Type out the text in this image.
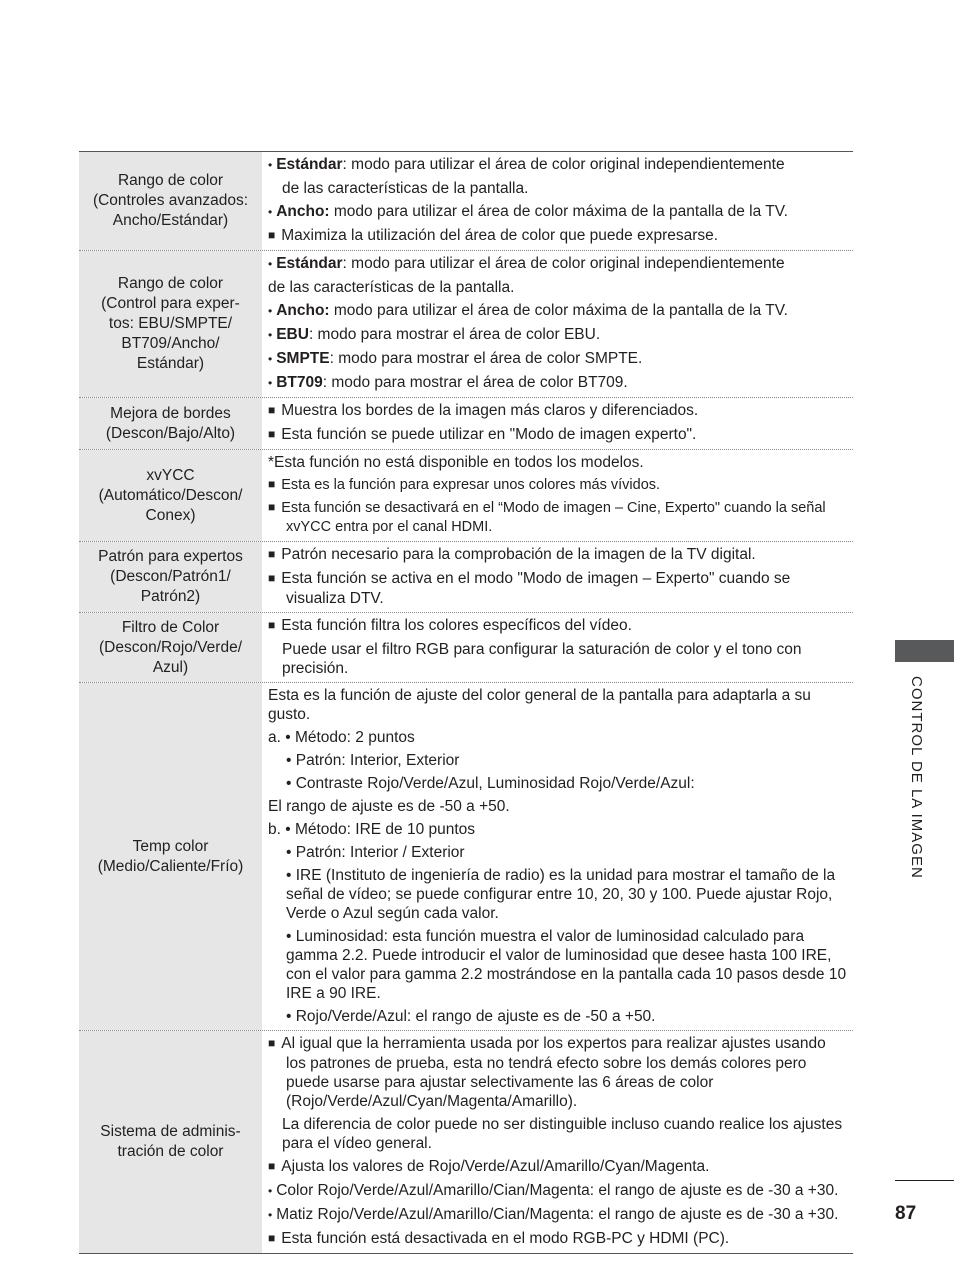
Rango de color
(Controles avanzados:
Ancho/Estándar)
• Estándar: modo para utilizar el área de color original independientemente
de las características de la pantalla.
• Ancho: modo para utilizar el área de color máxima de la pantalla de la TV.
■ Maximiza la utilización del área de color que puede expresarse.
Rango de color
(Control para exper-
tos: EBU/SMPTE/
BT709/Ancho/
Estándar)
• Estándar: modo para utilizar el área de color original independientemente
de las características de la pantalla.
• Ancho: modo para utilizar el área de color máxima de la pantalla de la TV.
• EBU: modo para mostrar el área de color EBU.
• SMPTE: modo para mostrar el área de color SMPTE.
• BT709: modo para mostrar el área de color BT709.
Mejora de bordes
(Descon/Bajo/Alto)
■ Muestra los bordes de la imagen más claros y diferenciados.
■ Esta función se puede utilizar en "Modo de imagen experto".
xvYCC
(Automático/Descon/
Conex)
*Esta función no está disponible en todos los modelos.
■ Esta es la función para expresar unos colores más vívidos.
■ Esta función se desactivará en el “Modo de imagen – Cine, Experto" cuando la señal xvYCC entra por el canal HDMI.
Patrón para expertos
(Descon/Patrón1/
Patrón2)
■ Patrón necesario para la comprobación de la imagen de la TV digital.
■ Esta función se activa en el modo "Modo de imagen – Experto" cuando se visualiza DTV.
Filtro de Color
(Descon/Rojo/Verde/
Azul)
■ Esta función filtra los colores específicos del vídeo.
Puede usar el filtro RGB para configurar la saturación de color y el tono con precisión.
Temp color
(Medio/Caliente/Frío)
Esta es la función de ajuste del color general de la pantalla para adaptarla a su gusto.
a. • Método: 2 puntos
• Patrón: Interior, Exterior
• Contraste Rojo/Verde/Azul, Luminosidad Rojo/Verde/Azul:
El rango de ajuste es de -50 a +50.
b. • Método: IRE de 10 puntos
• Patrón: Interior / Exterior
• IRE (Instituto de ingeniería de radio) es la unidad para mostrar el tamaño de la señal de vídeo; se puede configurar entre 10, 20, 30 y 100. Puede ajustar Rojo, Verde o Azul según cada valor.
• Luminosidad: esta función muestra el valor de luminosidad calculado para gamma 2.2. Puede introducir el valor de luminosidad que desee hasta 100 IRE, con el valor para gamma 2.2 mostrándose en la pantalla cada 10 pasos desde 10 IRE a 90 IRE.
• Rojo/Verde/Azul: el rango de ajuste es de -50 a +50.
Sistema de adminis-
tración de color
■ Al igual que la herramienta usada por los expertos para realizar ajustes usando los patrones de prueba, esta no tendrá efecto sobre los demás colores pero puede usarse para ajustar selectivamente las 6 áreas de color (Rojo/Verde/Azul/Cyan/Magenta/Amarillo).
La diferencia de color puede no ser distinguible incluso cuando realice los ajustes para el vídeo general.
■ Ajusta los valores de Rojo/Verde/Azul/Amarillo/Cyan/Magenta.
• Color Rojo/Verde/Azul/Amarillo/Cian/Magenta: el rango de ajuste es de -30 a +30.
• Matiz Rojo/Verde/Azul/Amarillo/Cian/Magenta: el rango de ajuste es de -30 a +30.
■ Esta función está desactivada en el modo RGB-PC y HDMI (PC).
CONTROL DE LA IMAGEN
87
